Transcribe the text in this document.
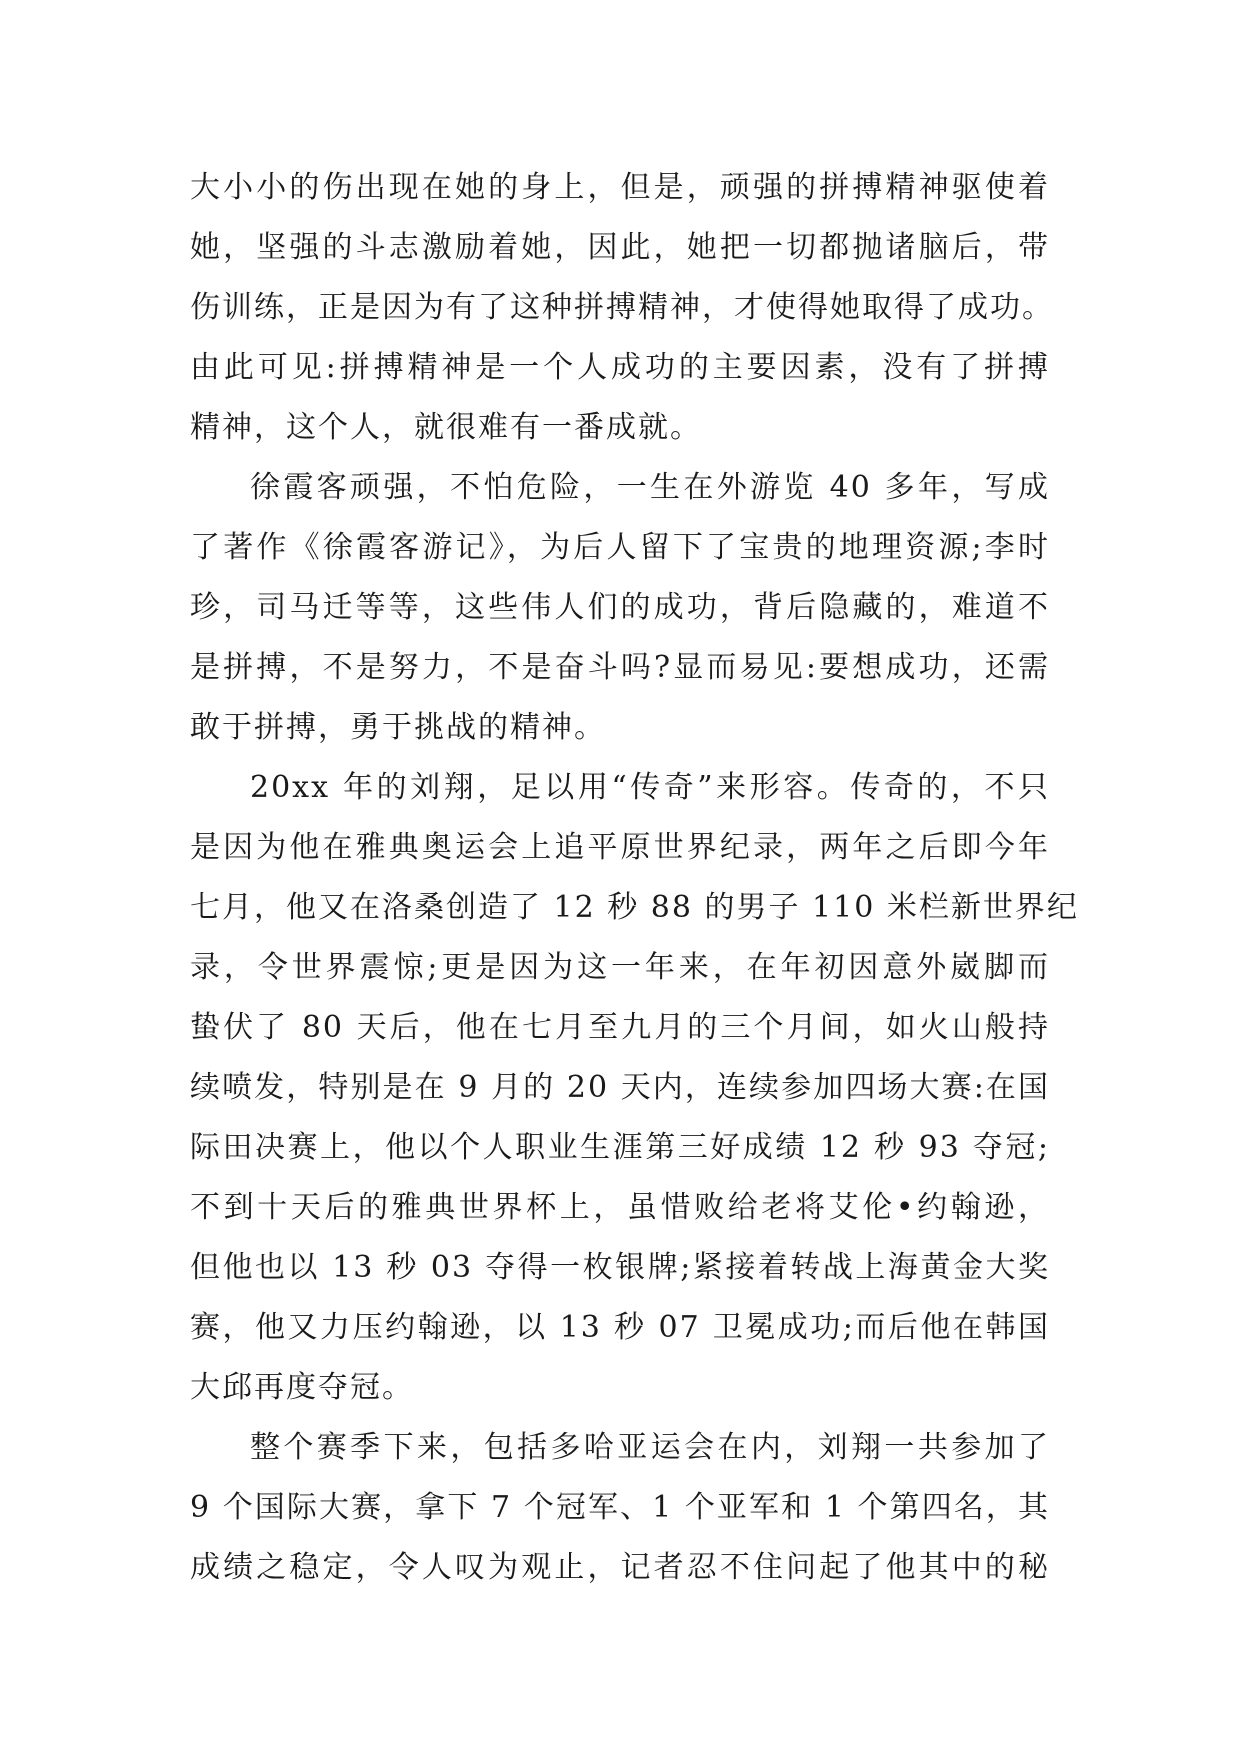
大小小的伤出现在她的身上，但是，顽强的拼搏精神驱使着
她，坚强的斗志激励着她，因此，她把一切都抛诸脑后，带
伤训练，正是因为有了这种拼搏精神，才使得她取得了成功。
由此可见:拼搏精神是一个人成功的主要因素，没有了拼搏
精神，这个人，就很难有一番成就。
徐霞客顽强，不怕危险，一生在外游览 40 多年，写成
了著作《徐霞客游记》，为后人留下了宝贵的地理资源;李时
珍，司马迁等等，这些伟人们的成功，背后隐藏的，难道不
是拼搏，不是努力，不是奋斗吗?显而易见:要想成功，还需
敢于拼搏，勇于挑战的精神。
20xx 年的刘翔，足以用“传奇”来形容。传奇的，不只
是因为他在雅典奥运会上追平原世界纪录，两年之后即今年
七月，他又在洛桑创造了 12 秒 88 的男子 110 米栏新世界纪
录，令世界震惊;更是因为这一年来，在年初因意外崴脚而
蛰伏了 80 天后，他在七月至九月的三个月间，如火山般持
续喷发，特别是在 9 月的 20 天内，连续参加四场大赛:在国
际田决赛上，他以个人职业生涯第三好成绩 12 秒 93 夺冠;
不到十天后的雅典世界杯上，虽惜败给老将艾伦•约翰逊，
但他也以 13 秒 03 夺得一枚银牌;紧接着转战上海黄金大奖
赛，他又力压约翰逊，以 13 秒 07 卫冕成功;而后他在韩国
大邱再度夺冠。
整个赛季下来，包括多哈亚运会在内，刘翔一共参加了
9 个国际大赛，拿下 7 个冠军、1 个亚军和 1 个第四名，其
成绩之稳定，令人叹为观止，记者忍不住问起了他其中的秘
